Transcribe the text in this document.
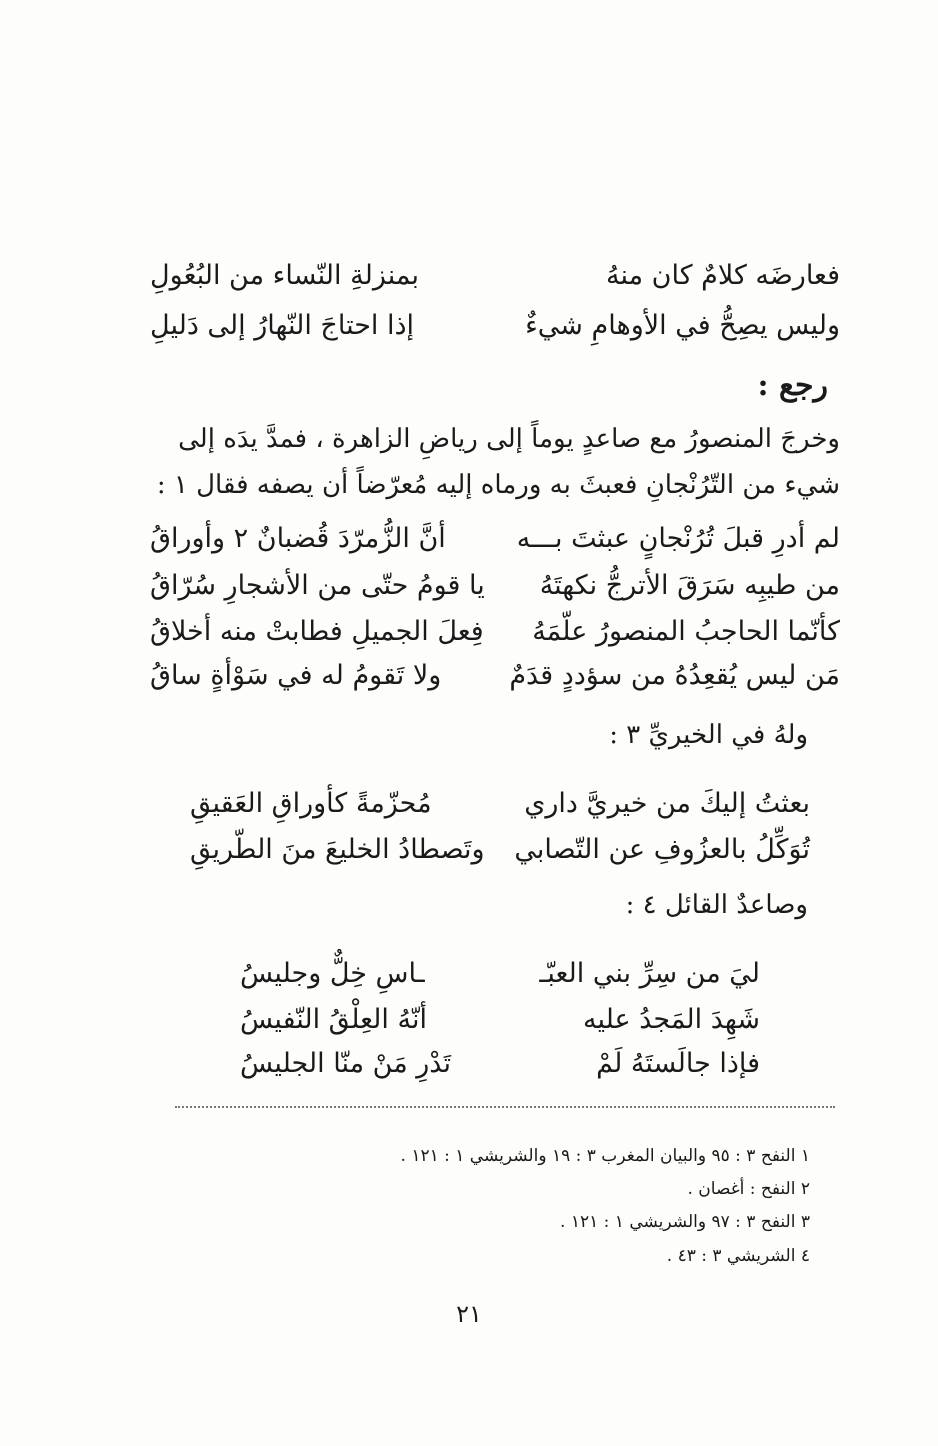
فعارضَه كلامٌ كان منهُ
بمنزلةِ النّساء من البُعُولِ
وليس يصِحُّ في الأوهامِ شيءٌ
إذا احتاجَ النّهارُ إلى دَليلِ
رجع :
وخرجَ المنصورُ مع صاعدٍ يوماً إلى رياضِ الزاهرة ، فمدَّ يدَه إلى
شيء من التّرُنْجانِ فعبثَ به ورماه إليه مُعرّضاً أن يصفه فقال ١ :
لم أدرِ قبلَ تُرُنْجانٍ عبثتَ بـــه
أنَّ الزُّمرّدَ قُضبانٌ ٢ وأوراقُ
من طيبِه سَرَقَ الأترجُّ نكهتَهُ
يا قومُ حتّى من الأشجارِ سُرّاقُ
كأنّما الحاجبُ المنصورُ علّمَهُ
فِعلَ الجميلِ فطابتْ منه أخلاقُ
مَن ليس يُقعِدُهُ من سؤددٍ قدَمٌ
ولا تَقومُ له في سَوْأةٍ ساقُ
ولهُ في الخيريِّ ٣ :
بعثتُ إليكَ من خيريَّ داري
مُحزّمةً كأوراقِ العَقيقِ
تُوَكِّلُ بالعزُوفِ عن التّصابي
وتَصطادُ الخليعَ منَ الطّريقِ
وصاعدٌ القائل ٤ :
ليَ من سِرِّ بني العبّـ
ـاسِ خِلٌّ وجليسُ
شَهِدَ المَجدُ عليه
أنّهُ العِلْقُ النّفيسُ
فإذا جالَستَهُ لَمْ
تَدْرِ مَنْ منّا الجليسُ
١ النفح ٣ : ٩٥ والبيان المغرب ٣ : ١٩ والشريشي ١ : ١٢١ .
٢ النفح : أغصان .
٣ النفح ٣ : ٩٧ والشريشي ١ : ١٢١ .
٤ الشريشي ٣ : ٤٣ .
٢١
